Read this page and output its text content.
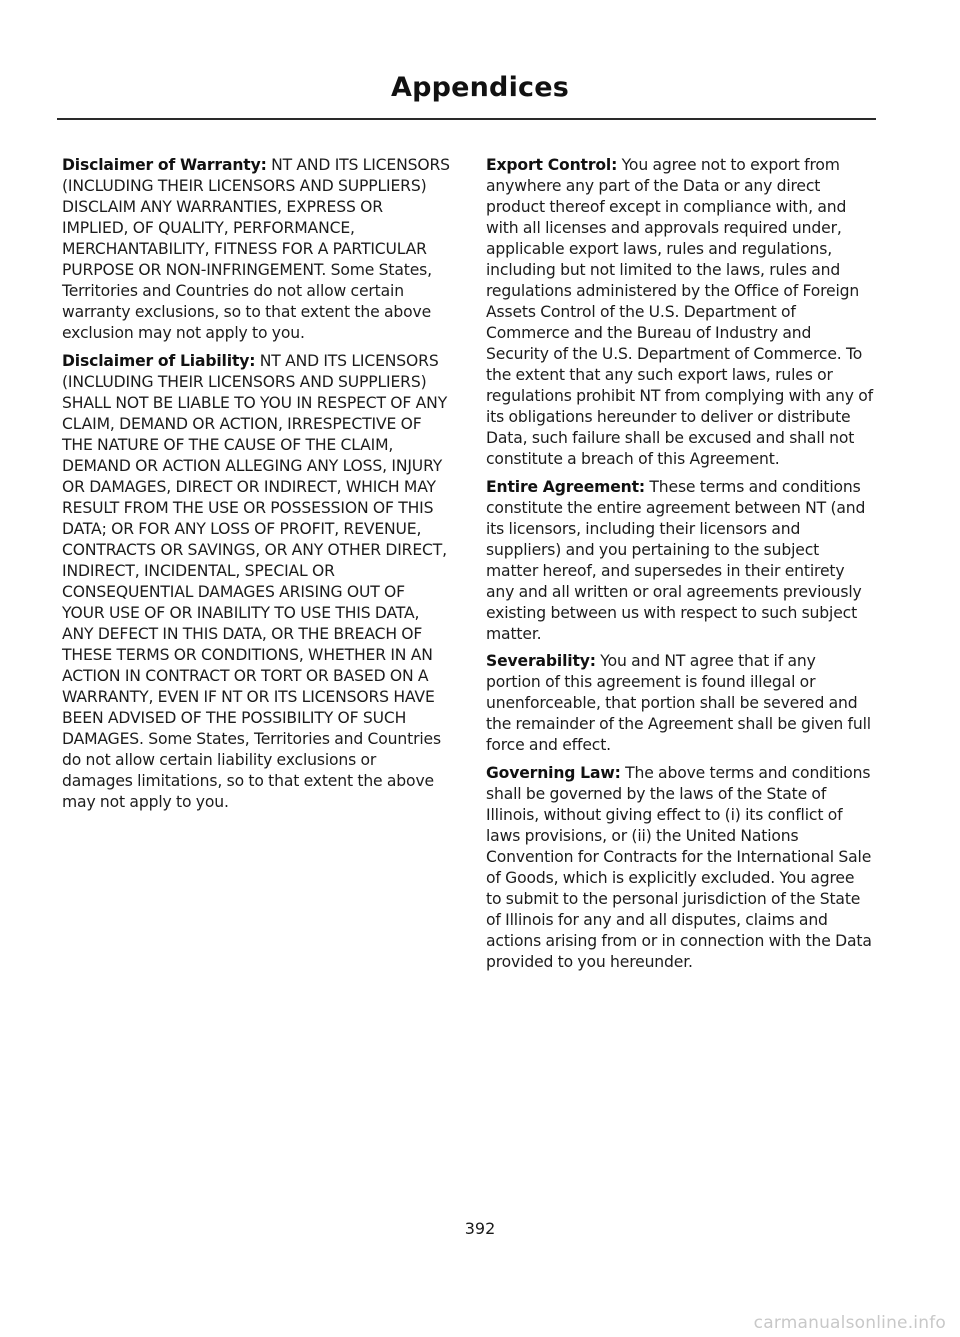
Appendices

Disclaimer of Warranty: NT AND ITS LICENSORS (INCLUDING THEIR LICENSORS AND SUPPLIERS) DISCLAIM ANY WARRANTIES, EXPRESS OR IMPLIED, OF QUALITY, PERFORMANCE, MERCHANTABILITY, FITNESS FOR A PARTICULAR PURPOSE OR NON-INFRINGEMENT. Some States, Territories and Countries do not allow certain warranty exclusions, so to that extent the above exclusion may not apply to you.

Disclaimer of Liability: NT AND ITS LICENSORS (INCLUDING THEIR LICENSORS AND SUPPLIERS) SHALL NOT BE LIABLE TO YOU IN RESPECT OF ANY CLAIM, DEMAND OR ACTION, IRRESPECTIVE OF THE NATURE OF THE CAUSE OF THE CLAIM, DEMAND OR ACTION ALLEGING ANY LOSS, INJURY OR DAMAGES, DIRECT OR INDIRECT, WHICH MAY RESULT FROM THE USE OR POSSESSION OF THIS DATA; OR FOR ANY LOSS OF PROFIT, REVENUE, CONTRACTS OR SAVINGS, OR ANY OTHER DIRECT, INDIRECT, INCIDENTAL, SPECIAL OR CONSEQUENTIAL DAMAGES ARISING OUT OF YOUR USE OF OR INABILITY TO USE THIS DATA, ANY DEFECT IN THIS DATA, OR THE BREACH OF THESE TERMS OR CONDITIONS, WHETHER IN AN ACTION IN CONTRACT OR TORT OR BASED ON A WARRANTY, EVEN IF NT OR ITS LICENSORS HAVE BEEN ADVISED OF THE POSSIBILITY OF SUCH DAMAGES. Some States, Territories and Countries do not allow certain liability exclusions or damages limitations, so to that extent the above may not apply to you.

Export Control: You agree not to export from anywhere any part of the Data or any direct product thereof except in compliance with, and with all licenses and approvals required under, applicable export laws, rules and regulations, including but not limited to the laws, rules and regulations administered by the Office of Foreign Assets Control of the U.S. Department of Commerce and the Bureau of Industry and Security of the U.S. Department of Commerce. To the extent that any such export laws, rules or regulations prohibit NT from complying with any of its obligations hereunder to deliver or distribute Data, such failure shall be excused and shall not constitute a breach of this Agreement.

Entire Agreement: These terms and conditions constitute the entire agreement between NT (and its licensors, including their licensors and suppliers) and you pertaining to the subject matter hereof, and supersedes in their entirety any and all written or oral agreements previously existing between us with respect to such subject matter.

Severability: You and NT agree that if any portion of this agreement is found illegal or unenforceable, that portion shall be severed and the remainder of the Agreement shall be given full force and effect.

Governing Law: The above terms and conditions shall be governed by the laws of the State of Illinois, without giving effect to (i) its conflict of laws provisions, or (ii) the United Nations Convention for Contracts for the International Sale of Goods, which is explicitly excluded. You agree to submit to the personal jurisdiction of the State of Illinois for any and all disputes, claims and actions arising from or in connection with the Data provided to you hereunder.

392
carmanualsonline.info
